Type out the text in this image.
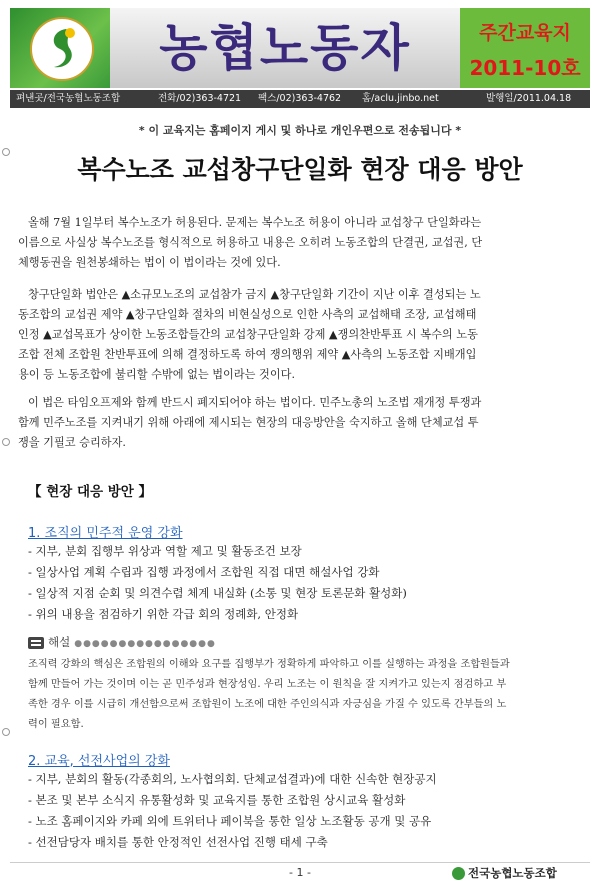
농협노동자	주간교육지
2011-10호
펴낸곳/전국농협노동조합	전화/02)363-4721 팩스/02)363-4762 홈/aclu.jinbo.net	발행일/2011.04.18
* 이 교육지는 홈페이지 게시 및 하나로 개인우편으로 전송됩니다 *
복수노조 교섭창구단일화 현장 대응 방안
올해 7월 1일부터 복수노조가 허용된다. 문제는 복수노조 허용이 아니라 교섭창구 단일화라는
이름으로 사실상 복수노조를 형식적으로 허용하고 내용은 오히려 노동조합의 단결권, 교섭권, 단
체행동권을 원천봉쇄하는 법이 이 법이라는 것에 있다.
창구단일화 법안은 ▲소규모노조의 교섭참가 금지 ▲창구단일화 기간이 지난 이후 결성되는 노
동조합의 교섭권 제약 ▲창구단일화 절차의 비현실성으로 인한 사측의 교섭해태 조장, 교섭해태
인정 ▲교섭목표가 상이한 노동조합들간의 교섭창구단일화 강제 ▲쟁의찬반투표 시 복수의 노동
조합 전체 조합원 찬반투표에 의해 결정하도록 하여 쟁의행위 제약 ▲사측의 노동조합 지배개입
용이 등 노동조합에 불리할 수밖에 없는 법이라는 것이다.
이 법은 타임오프제와 함께 반드시 폐지되어야 하는 법이다. 민주노총의 노조법 재개정 투쟁과
함께 민주노조를 지켜내기 위해 아래에 제시되는 현장의 대응방안을 숙지하고 올해 단체교섭 투
쟁을 기필코 승리하자.
【 현장 대응 방안 】
1. 조직의 민주적 운영 강화
- 지부, 분회 집행부 위상과 역할 제고 및 활동조건 보장
- 일상사업 계획 수립과 집행 과정에서 조합원 직접 대면 해설사업 강화
- 일상적 지점 순회 및 의견수렴 체계 내실화 (소통 및 현장 토론문화 활성화)
- 위의 내용을 점검하기 위한 각급 회의 정례화, 안정화
해설 ●●●●●●●●●●●●●●●●
조직력 강화의 핵심은 조합원의 이해와 요구를 집행부가 정확하게 파악하고 이를 실행하는 과정을 조합원들과
함께 만들어 가는 것이며 이는 곧 민주성과 현장성임. 우리 노조는 이 원칙을 잘 지켜가고 있는지 점검하고 부
족한 경우 이를 시급히 개선함으로써 조합원이 노조에 대한 주인의식과 자긍심을 가질 수 있도록 간부들의 노
력이 필요함.
2. 교육, 선전사업의 강화
- 지부, 분회의 활동(각종회의, 노사협의회. 단체교섭결과)에 대한 신속한 현장공지
- 본조 및 본부 소식지 유통활성화 및 교육지를 통한 조합원 상시교육 활성화
- 노조 홈페이지와 카페 외에 트위터나 페이북을 통한 일상 노조활동 공개 및 공유
- 선전담당자 배치를 통한 안정적인 선전사업 진행 태세 구축
- 1 -	전국농협노동조합
